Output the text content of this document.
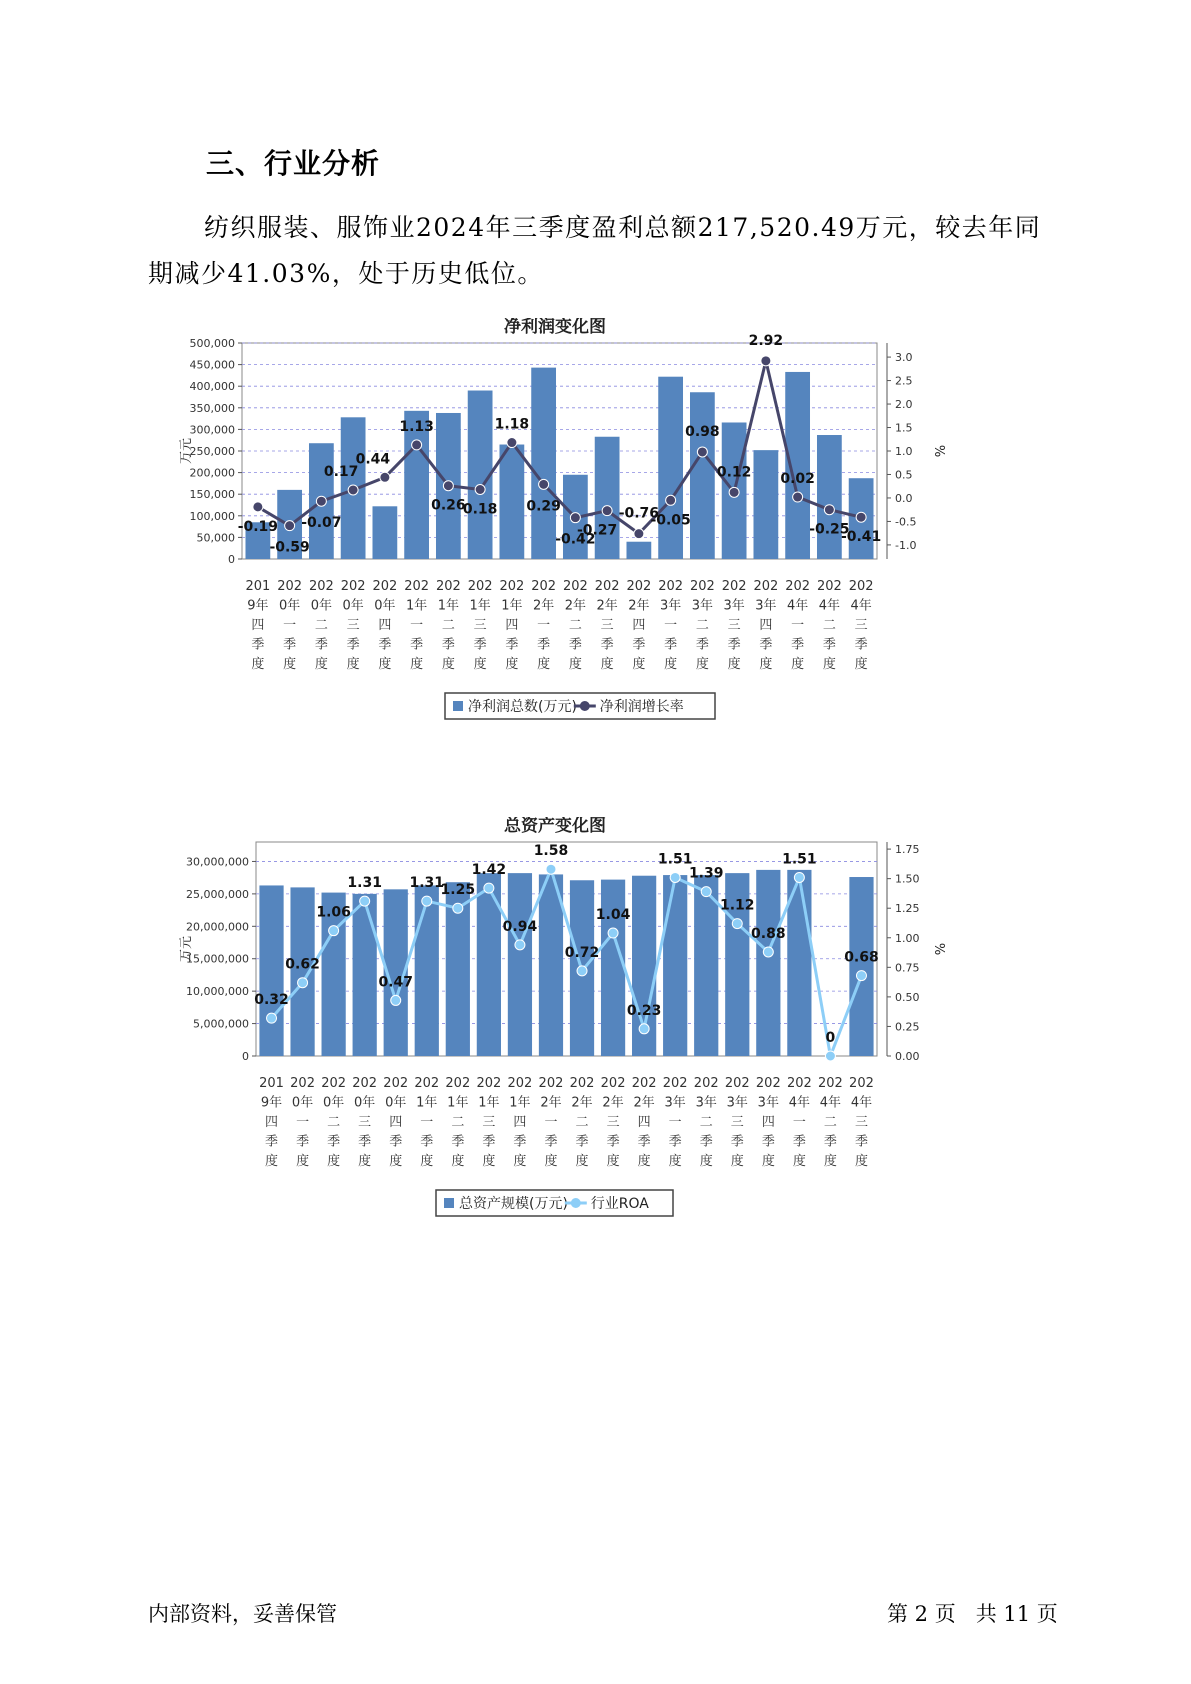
三、行业分析

纺织服装、服饰业2024年三季度盈利总额217,520.49万元，较去年同期减少41.03%，处于历史低位。

净利润变化图
0
50,000
100,000
150,000
200,000
250,000
300,000
350,000
400,000
450,000
500,000
-1.0
-0.5
0.0
0.5
1.0
1.5
2.0
2.5
3.0
万元	%
201
9年
四
季
度
202
0年
一
季
度
202
0年
二
季
度
202
0年
三
季
度
202
0年
四
季
度
202
1年
一
季
度
202
1年
二
季
度
202
1年
三
季
度
202
1年
四
季
度
202
2年
一
季
度
202
2年
二
季
度
202
2年
三
季
度
202
2年
四
季
度
202
3年
一
季
度
202
3年
二
季
度
202
3年
三
季
度
202
3年
四
季
度
202
4年
一
季
度
202
4年
二
季
度
202
4年
三
季
度
-0.19
-0.59
-0.07
0.17
0.44
1.13
0.26
0.18
1.18
0.29
-0.42
-0.27
-0.76
-0.05
0.98
0.12
2.92
0.02
-0.25
-0.41
净利润总数(万元) 净利润增长率
总资产变化图
0
5,000,000
10,000,000
15,000,000
20,000,000
25,000,000
30,000,000
0.00
0.25
0.50
0.75
1.00
1.25
1.50
1.75
万元	%
201
9年
四
季
度
202
0年
一
季
度
202
0年
二
季
度
202
0年
三
季
度
202
0年
四
季
度
202
1年
一
季
度
202
1年
二
季
度
202
1年
三
季
度
202
1年
四
季
度
202
2年
一
季
度
202
2年
二
季
度
202
2年
三
季
度
202
2年
四
季
度
202
3年
一
季
度
202
3年
二
季
度
202
3年
三
季
度
202
3年
四
季
度
202
4年
一
季
度
202
4年
二
季
度
202
4年
三
季
度
0.32
0.62
1.06
1.31
0.47
1.31
1.25
1.42
0.94
1.58
0.72
1.04
0.23
1.51
1.39
1.12
0.88
1.51
0
0.68
总资产规模(万元) 行业ROA
内部资料，妥善保管	第 2 页   共 11 页
